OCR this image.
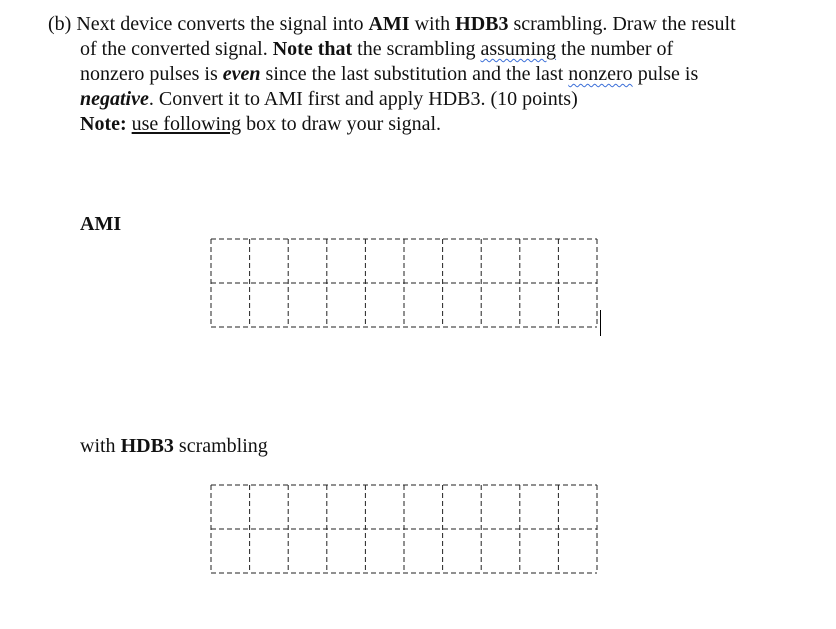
(b) Next device converts the signal into AMI with HDB3 scrambling. Draw the result
of the converted signal. Note that the scrambling assuming the number of
nonzero pulses is even since the last substitution and the last nonzero pulse is
negative. Convert it to AMI first and apply HDB3. (10 points)
Note: use following box to draw your signal.
AMI
with HDB3 scrambling
